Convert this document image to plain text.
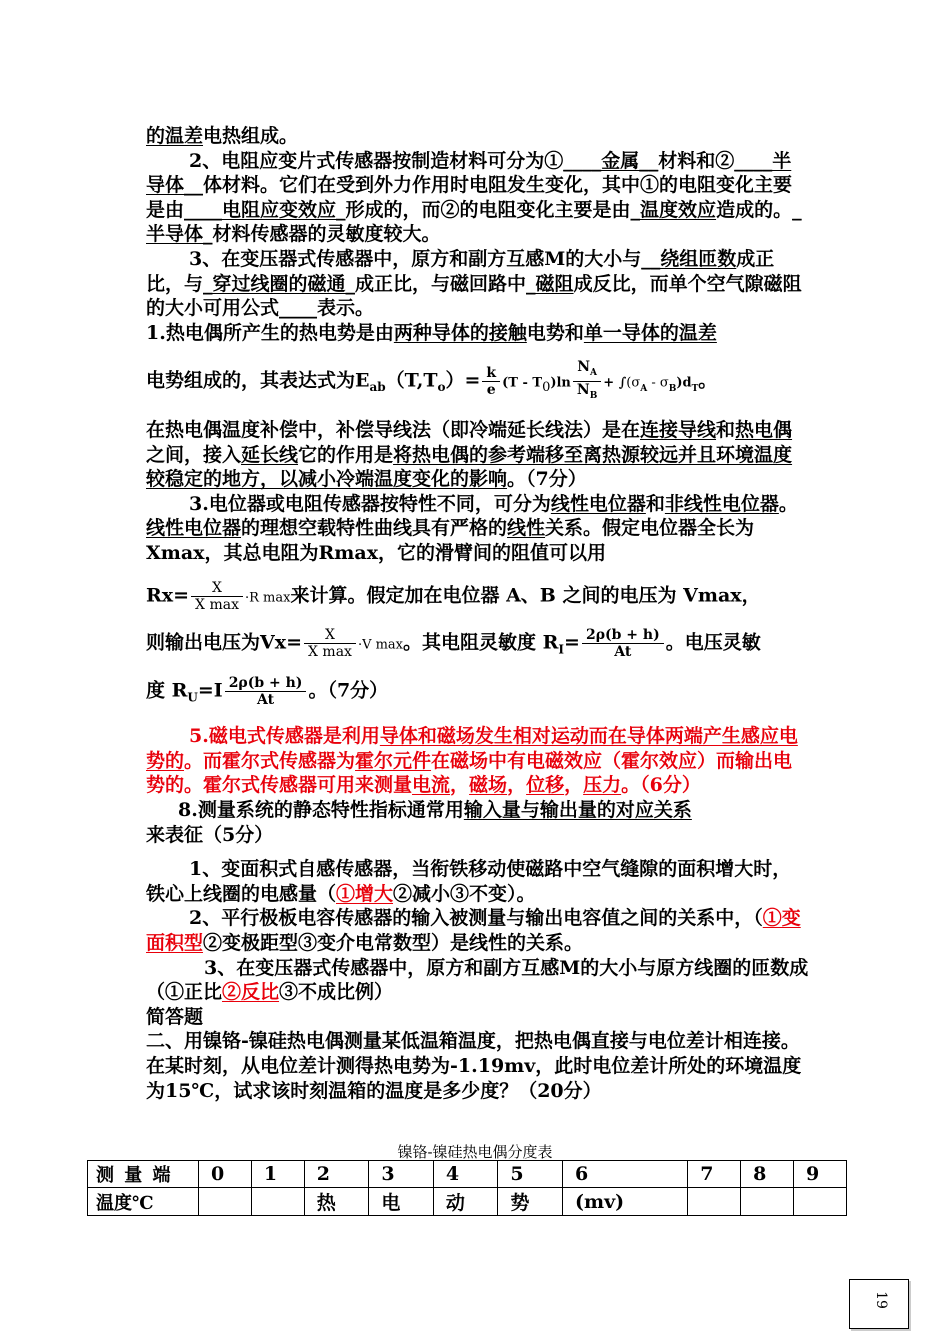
的温差电热组成。

2、电阻应变片式传感器按制造材料可分为①____金属__材料和②____半导体__体材料。它们在受到外力作用时电阻发生变化，其中①的电阻变化主要是由____电阻应变效应_形成的，而②的电阻变化主要是由_温度效应造成的。_半导体_材料传感器的灵敏度较大。

3、在变压器式传感器中，原方和副方互感M的大小与__绕组匝数成正比，与_穿过线圈的磁通_成正比，与磁回路中_磁阻成反比，而单个空气隙磁阻的大小可用公式____表示。

1.热电偶所产生的热电势是由两种导体的接触电势和单一导体的温差

电势组成的，其表达式为$E_{ab}(T,T_o)= \frac{k}{e} (T - T_0)\ln \frac{N_A}{N_B} + \int(\sigma_A - \sigma_B)d_T$。

在热电偶温度补偿中，补偿导线法（即冷端延长线法）是在连接导线和热电偶之间，接入延长线它的作用是将热电偶的参考端移至离热源较远并且环境温度较稳定的地方，以减小冷端温度变化的影响。（7分）

3.电位器或电阻传感器按特性不同，可分为线性电位器和非线性电位器。线性电位器的理想空载特性曲线具有严格的线性关系。假定电位器全长为Xmax，其总电阻为Rmax，它的滑臂间的阻值可以用

$Rx= \frac{X}{\text{X max}} \cdot R$ max来计算。假定加在电位器 A、B 之间的电压为 Vmax，

则输出电压为$Vx= \frac{X}{\text{X max}} \cdot V$ max。其电阻灵敏度 $R_I= \frac{2\rho(b + h)}{At}$ 。电压灵敏

度 $R_U=I \frac{2\rho(b + h)}{At}$ 。（7分）

5.磁电式传感器是利用导体和磁场发生相对运动而在导体两端产生感应电势的。而霍尔式传感器为霍尔元件在磁场中有电磁效应（霍尔效应）而输出电势的。霍尔式传感器可用来测量电流，磁场，位移，压力。（6分）

8.测量系统的静态特性指标通常用输入量与输出量的对应关系来表征（5分）

1、变面积式自感传感器，当衔铁移动使磁路中空气缝隙的面积增大时，铁心上线圈的电感量（①增大②减小③不变）。

2、平行极板电容传感器的输入被测量与输出电容值之间的关系中，（①变面积型②变极距型③变介电常数型）是线性的关系。

3、在变压器式传感器中，原方和副方互感M的大小与原方线圈的匝数成（①正比②反比③不成比例）

简答题

二、用镍铬-镍硅热电偶测量某低温箱温度，把热电偶直接与电位差计相连接。在某时刻，从电位差计测得热电势为-1.19mv，此时电位差计所处的环境温度为15℃，试求该时刻温箱的温度是多少度？（20分）

镍铬-镍硅热电偶分度表
测 量 端	0	1	2	3	4	5	6	7	8	9
温度℃			热	电	动	势	(mv)			
19
